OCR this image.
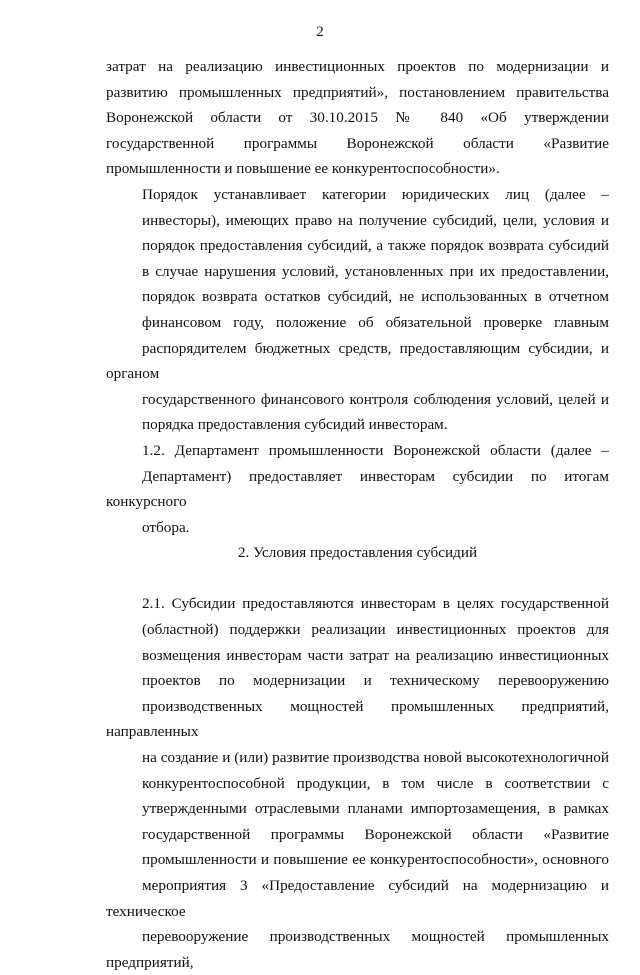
2

затрат на реализацию инвестиционных проектов по модернизации и
развитию промышленных предприятий», постановлением правительства
Воронежской области от 30.10.2015 № 840 «Об утверждении
государственной программы Воронежской области «Развитие
промышленности и повышение ее конкурентоспособности».

Порядок устанавливает категории юридических лиц (далее –
инвесторы), имеющих право на получение субсидий, цели, условия и
порядок предоставления субсидий, а также порядок возврата субсидий
в случае нарушения условий, установленных при их предоставлении,
порядок возврата остатков субсидий, не использованных в отчетном
финансовом году, положение об обязательной проверке главным
распорядителем бюджетных средств, предоставляющим субсидии, и органом
государственного финансового контроля соблюдения условий, целей и
порядка предоставления субсидий инвесторам.

1.2. Департамент промышленности Воронежской области (далее –
Департамент) предоставляет инвесторам субсидии по итогам конкурсного
отбора.

2. Условия предоставления субсидий

2.1. Субсидии предоставляются инвесторам в целях государственной
(областной) поддержки реализации инвестиционных проектов для
возмещения инвесторам части затрат на реализацию инвестиционных
проектов по модернизации и техническому перевооружению
производственных мощностей промышленных предприятий, направленных
на создание и (или) развитие производства новой высокотехнологичной
конкурентоспособной продукции, в том числе в соответствии с
утвержденными отраслевыми планами импортозамещения, в рамках
государственной программы Воронежской области «Развитие
промышленности и повышение ее конкурентоспособности», основного
мероприятия 3 «Предоставление субсидий на модернизацию и техническое
перевооружение производственных мощностей промышленных предприятий,
